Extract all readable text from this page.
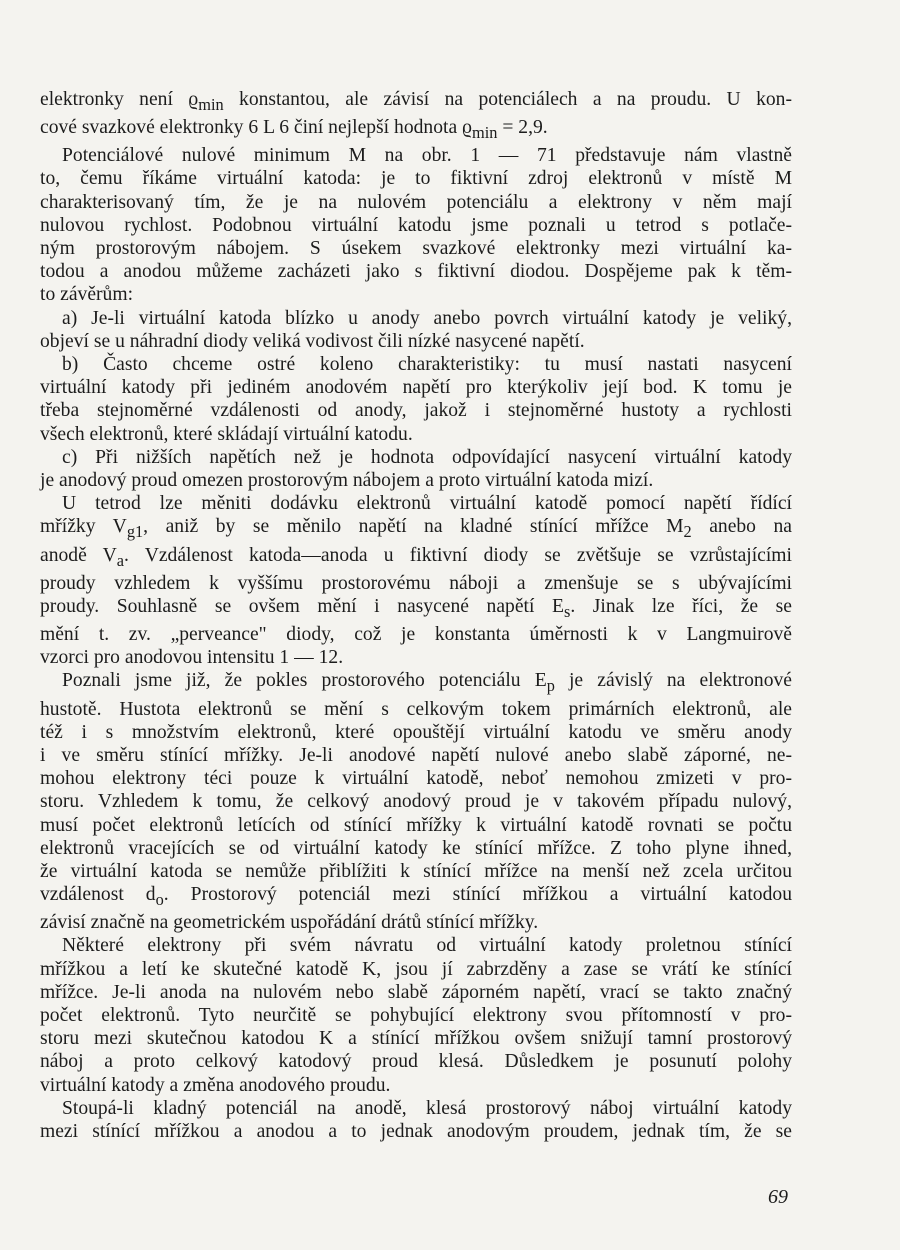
elektronky není $ϱ_{min}$ konstantou, ale závisí na potenciálech a na proudu. U kon-
cové svazkové elektronky 6 L 6 činí nejlepší hodnota $ϱ_{min} = 2,9$.
Potenciálové nulové minimum M na obr. 1 — 71 představuje nám vlastně
to, čemu říkáme virtuální katoda: je to fiktivní zdroj elektronů v místě M
charakterisovaný tím, že je na nulovém potenciálu a elektrony v něm mají
nulovou rychlost. Podobnou virtuální katodu jsme poznali u tetrod s potlače-
ným prostorovým nábojem. S úsekem svazkové elektronky mezi virtuální ka-
todou a anodou můžeme zacházeti jako s fiktivní diodou. Dospějeme pak k těm-
to závěrům:
a) Je-li virtuální katoda blízko u anody anebo povrch virtuální katody je veliký,
objeví se u náhradní diody veliká vodivost čili nízké nasycené napětí.
b) Často chceme ostré koleno charakteristiky: tu musí nastati nasycení
virtuální katody při jediném anodovém napětí pro kterýkoliv její bod. K tomu je
třeba stejnoměrné vzdálenosti od anody, jakož i stejnoměrné hustoty a rychlosti
všech elektronů, které skládají virtuální katodu.
c) Při nižších napětích než je hodnota odpovídající nasycení virtuální katody
je anodový proud omezen prostorovým nábojem a proto virtuální katoda mizí.
U tetrod lze měniti dodávku elektronů virtuální katodě pomocí napětí řídící
mřížky $V_{g1}$, aniž by se měnilo napětí na kladné stínící mřížce $M_2$ anebo na
anodě $V_a$. Vzdálenost katoda—anoda u fiktivní diody se zvětšuje se vzrůstajícími
proudy vzhledem k vyššímu prostorovému náboji a zmenšuje se s ubývajícími
proudy. Souhlasně se ovšem mění i nasycené napětí $E_s$. Jinak lze říci, že se
mění t. zv. „perveance" diody, což je konstanta úměrnosti k v Langmuirově
vzorci pro anodovou intensitu 1 — 12.
Poznali jsme již, že pokles prostorového potenciálu $E_p$ je závislý na elektronové
hustotě. Hustota elektronů se mění s celkovým tokem primárních elektronů, ale
též i s množstvím elektronů, které opouštějí virtuální katodu ve směru anody
i ve směru stínící mřížky. Je-li anodové napětí nulové anebo slabě záporné, ne-
mohou elektrony téci pouze k virtuální katodě, neboť nemohou zmizeti v pro-
storu. Vzhledem k tomu, že celkový anodový proud je v takovém případu nulový,
musí počet elektronů letících od stínící mřížky k virtuální katodě rovnati se počtu
elektronů vracejících se od virtuální katody ke stínící mřížce. Z toho plyne ihned,
že virtuální katoda se nemůže přiblížiti k stínící mřížce na menší než zcela určitou
vzdálenost $d_o$. Prostorový potenciál mezi stínící mřížkou a virtuální katodou
závisí značně na geometrickém uspořádání drátů stínící mřížky.
Některé elektrony při svém návratu od virtuální katody proletnou stínící
mřížkou a letí ke skutečné katodě K, jsou jí zabrzděny a zase se vrátí ke stínící
mřížce. Je-li anoda na nulovém nebo slabě záporném napětí, vrací se takto značný
počet elektronů. Tyto neurčitě se pohybující elektrony svou přítomností v pro-
storu mezi skutečnou katodou K a stínící mřížkou ovšem snižují tamní prostorový
náboj a proto celkový katodový proud klesá. Důsledkem je posunutí polohy
virtuální katody a změna anodového proudu.
Stoupá-li kladný potenciál na anodě, klesá prostorový náboj virtuální katody
mezi stínící mřížkou a anodou a to jednak anodovým proudem, jednak tím, že se
69
